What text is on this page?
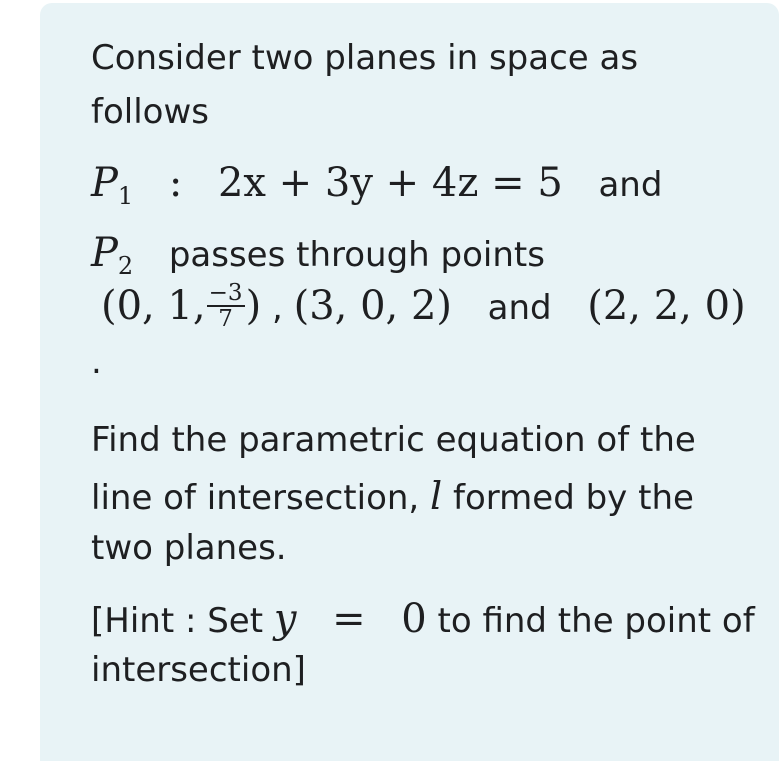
Consider two planes in space as
follows
$P_1$ : 2x + 3y + 4z = 5 and
$P_2$ passes through points
(0, 1, $\frac{-3}{7}$ ) , (3, 0, 2) and (2, 2, 0)
.
Find the parametric equation of the
line of intersection, l formed by the
two planes.
[Hint : Set y = 0 to find the point of
intersection]
